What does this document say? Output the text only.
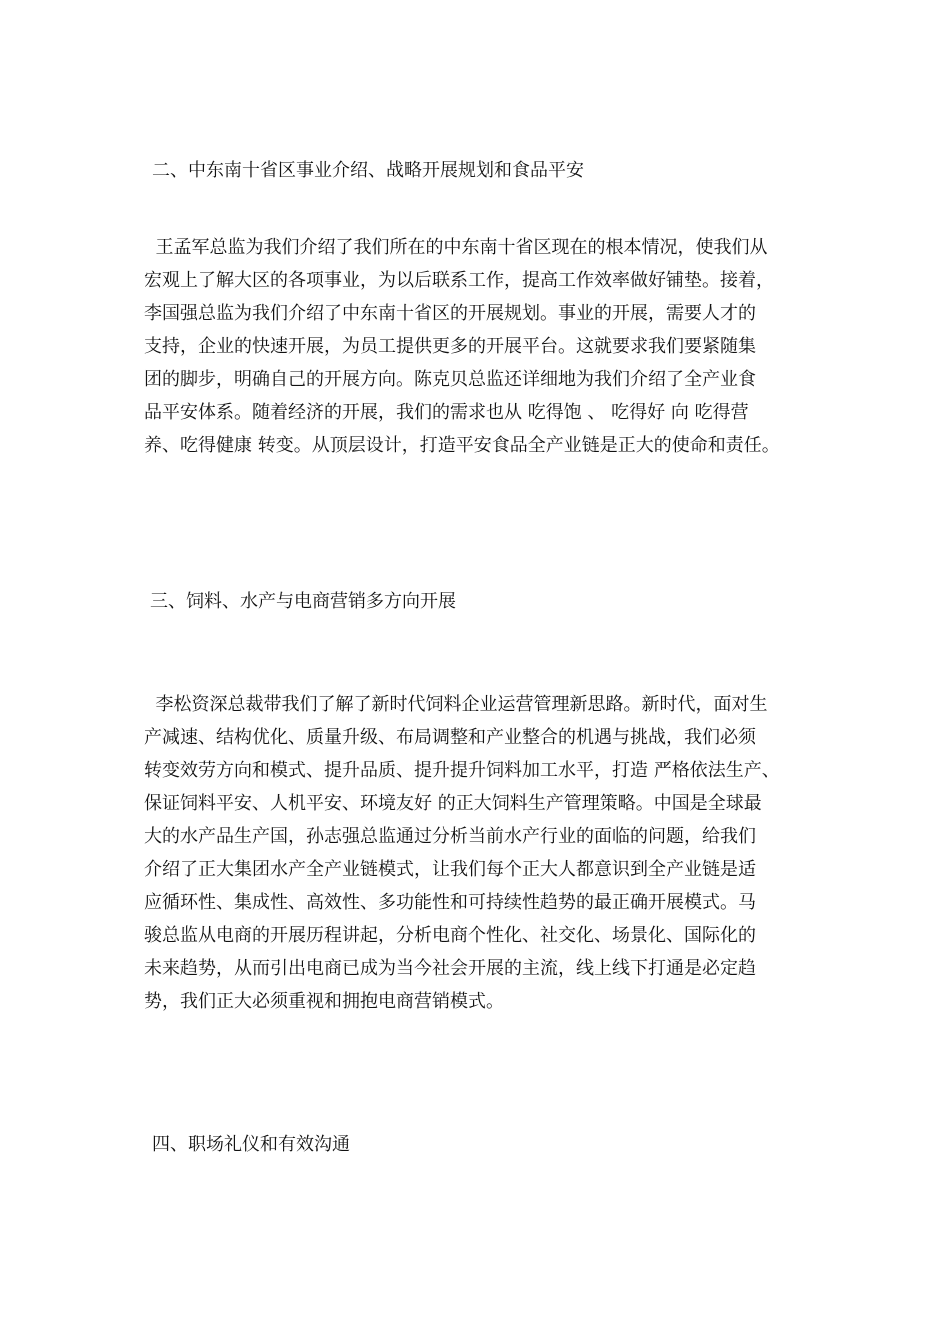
二、中东南十省区事业介绍、战略开展规划和食品平安
王孟军总监为我们介绍了我们所在的中东南十省区现在的根本情况，使我们从
宏观上了解大区的各项事业，为以后联系工作，提高工作效率做好铺垫。接着，
李国强总监为我们介绍了中东南十省区的开展规划。事业的开展，需要人才的
支持，企业的快速开展，为员工提供更多的开展平台。这就要求我们要紧随集
团的脚步，明确自己的开展方向。陈克贝总监还详细地为我们介绍了全产业食
品平安体系。随着经济的开展，我们的需求也从 吃得饱 、 吃得好 向 吃得营
养、吃得健康 转变。从顶层设计，打造平安食品全产业链是正大的使命和责任。
三、饲料、水产与电商营销多方向开展
李松资深总裁带我们了解了新时代饲料企业运营管理新思路。新时代，面对生
产减速、结构优化、质量升级、布局调整和产业整合的机遇与挑战，我们必须
转变效劳方向和模式、提升品质、提升提升饲料加工水平，打造 严格依法生产、
保证饲料平安、人机平安、环境友好 的正大饲料生产管理策略。中国是全球最
大的水产品生产国，孙志强总监通过分析当前水产行业的面临的问题，给我们
介绍了正大集团水产全产业链模式，让我们每个正大人都意识到全产业链是适
应循环性、集成性、高效性、多功能性和可持续性趋势的最正确开展模式。马
骏总监从电商的开展历程讲起，分析电商个性化、社交化、场景化、国际化的
未来趋势，从而引出电商已成为当今社会开展的主流，线上线下打通是必定趋
势，我们正大必须重视和拥抱电商营销模式。
四、职场礼仪和有效沟通
